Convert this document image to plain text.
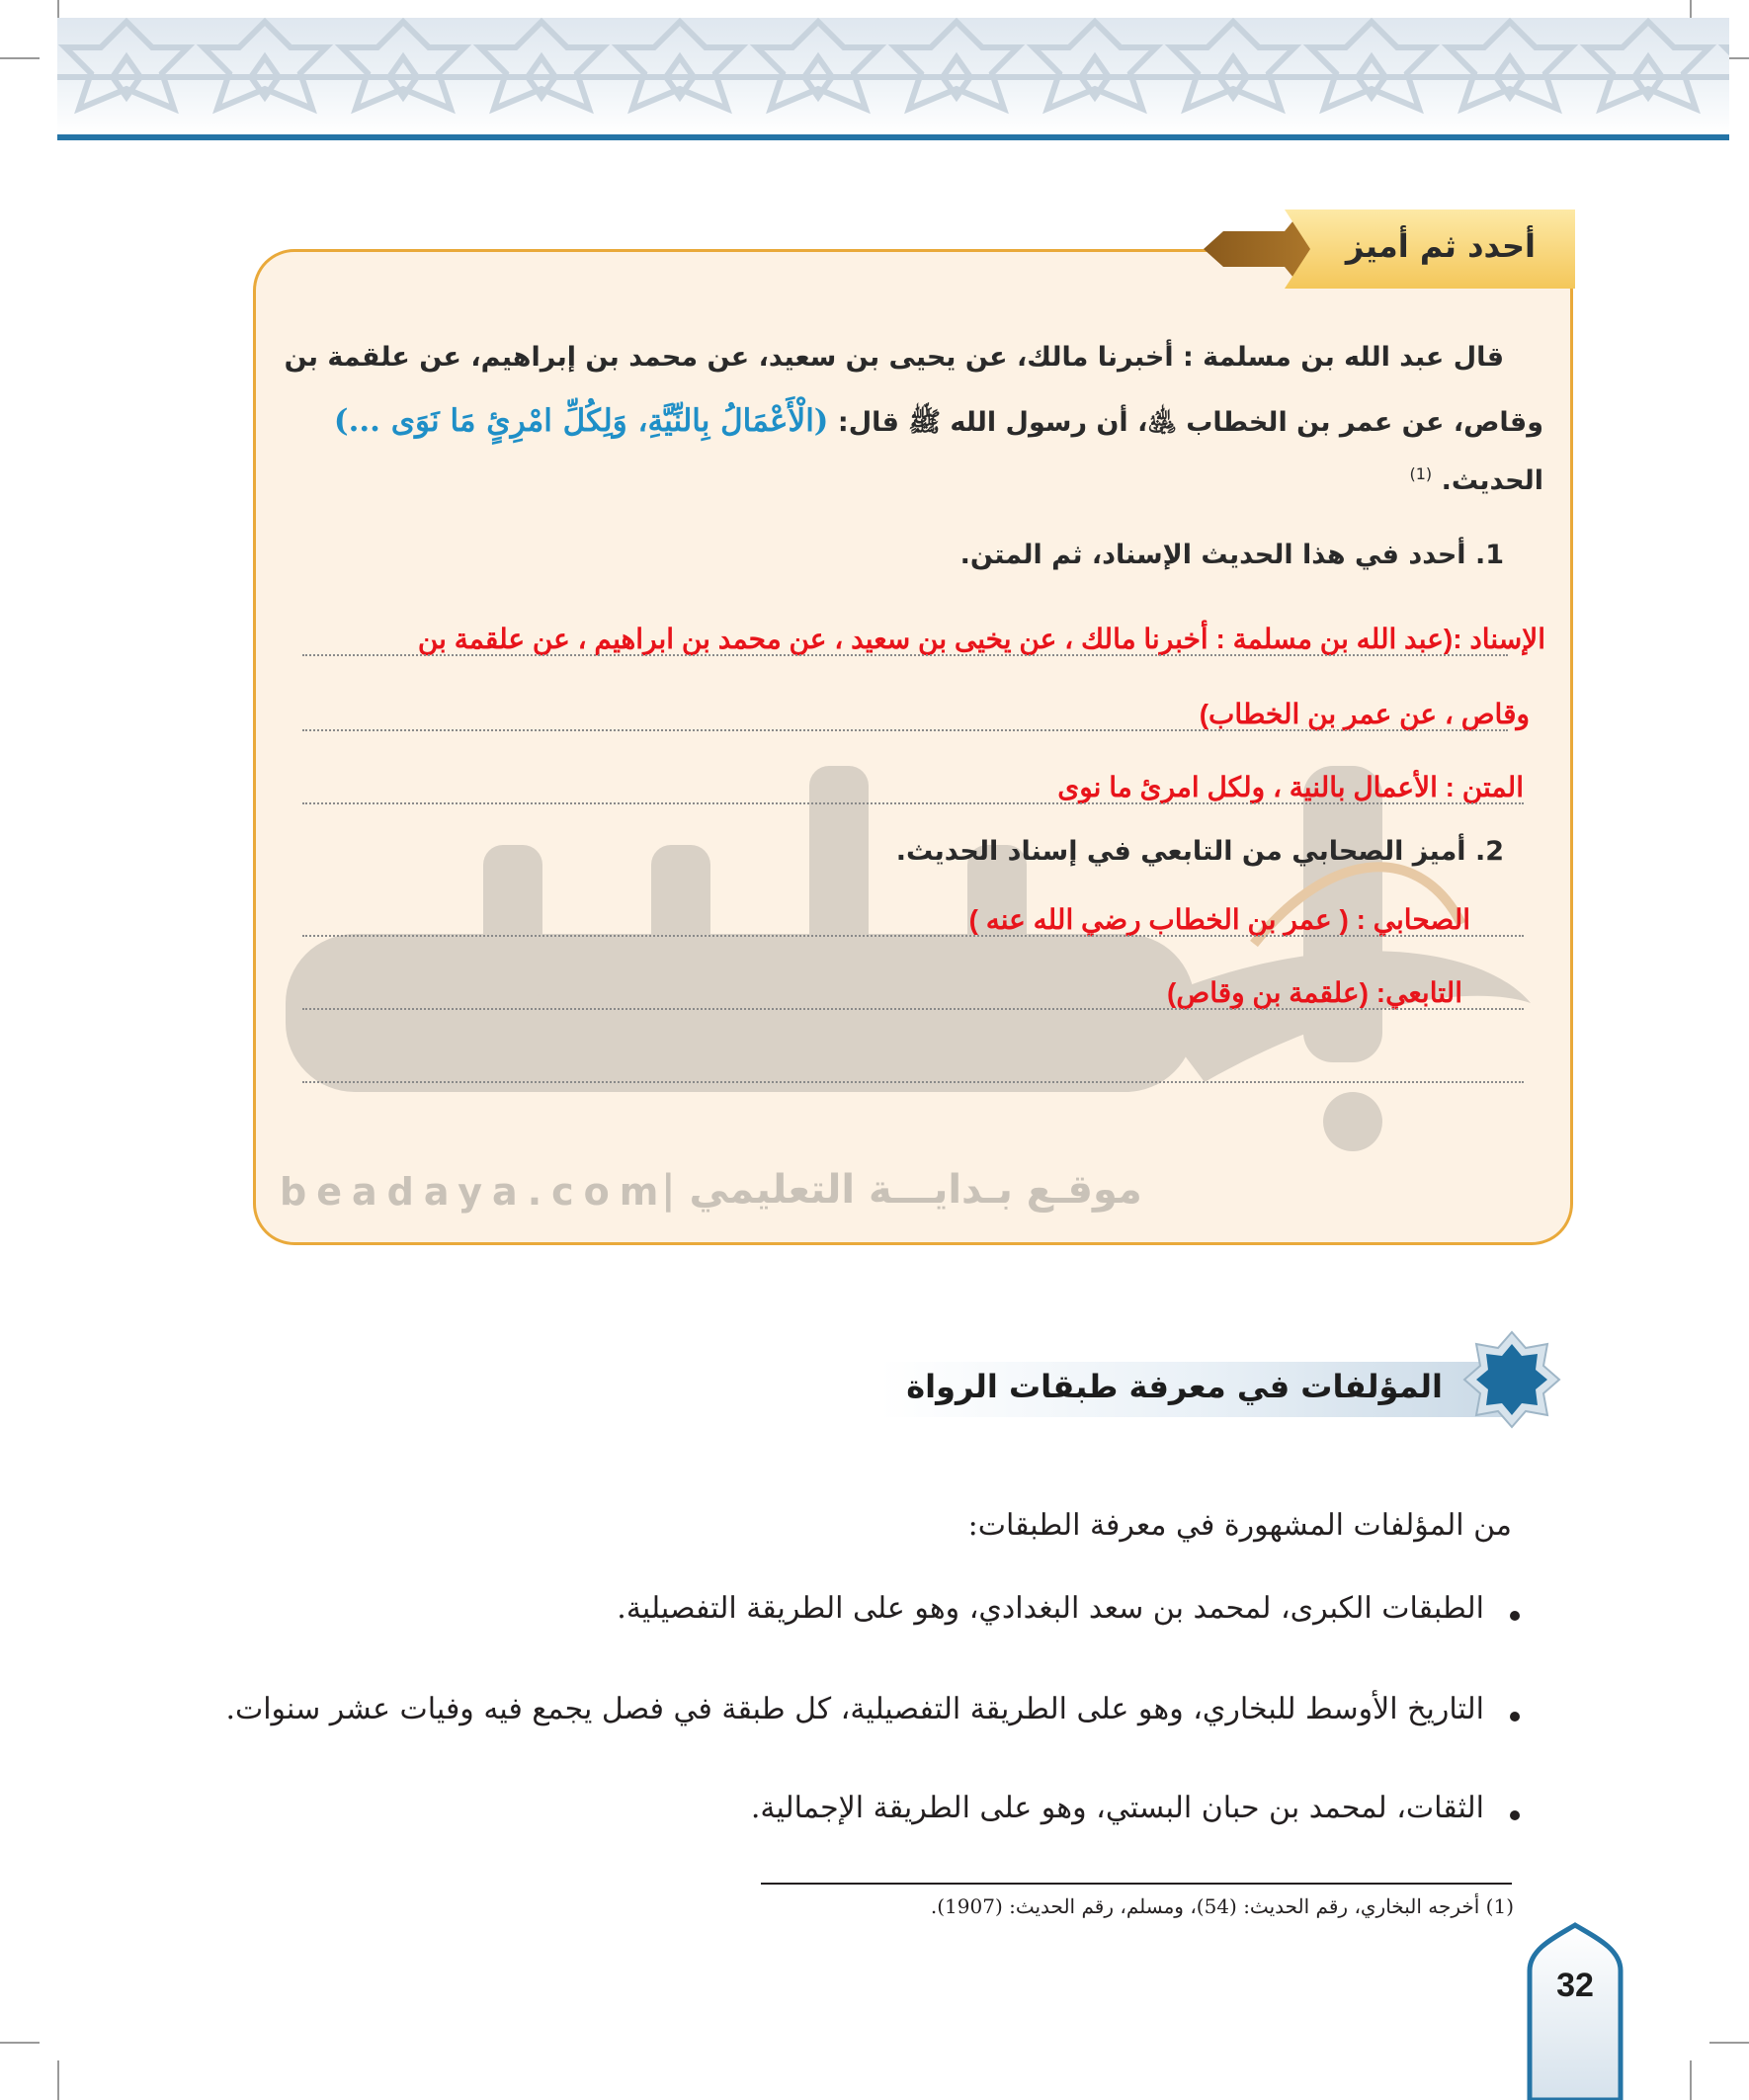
beadaya.com
موقـع بـدايـــة التعليمي |
أحدد ثم أميز
قال عبد الله بن مسلمة : أخبرنا مالك، عن يحيى بن سعيد، عن محمد بن إبراهيم، عن علقمة بن
وقاص، عن عمر بن الخطاب ﵁، أن رسول الله ﷺ قال: (الْأَعْمَالُ بِالنِّيَّةِ، وَلِكُلِّ امْرِئٍ مَا نَوَى ...)
الحديث. $^{(1)}$
1. أحدد في هذا الحديث الإسناد، ثم المتن.
الإسناد :(عبد الله بن مسلمة : أخبرنا مالك ، عن يخيى بن سعيد ، عن محمد بن ابراهيم ، عن علقمة بن
وقاص ، عن عمر بن الخطاب)
المتن : الأعمال بالنية ، ولكل امرئ ما نوى
2. أميز الصحابي من التابعي في إسناد الحديث.
الصحابي : ( عمر بن الخطاب رضي الله عنه )
التابعي: (علقمة بن وقاص)
المؤلفات في معرفة طبقات الرواة
من المؤلفات المشهورة في معرفة الطبقات:
الطبقات الكبرى، لمحمد بن سعد البغدادي، وهو على الطريقة التفصيلية.
التاريخ الأوسط للبخاري، وهو على الطريقة التفصيلية، كل طبقة في فصل يجمع فيه وفيات عشر سنوات.
الثقات، لمحمد بن حبان البستي، وهو على الطريقة الإجمالية.
(1) أخرجه البخاري، رقم الحديث: (54)، ومسلم، رقم الحديث: (1907).
32
